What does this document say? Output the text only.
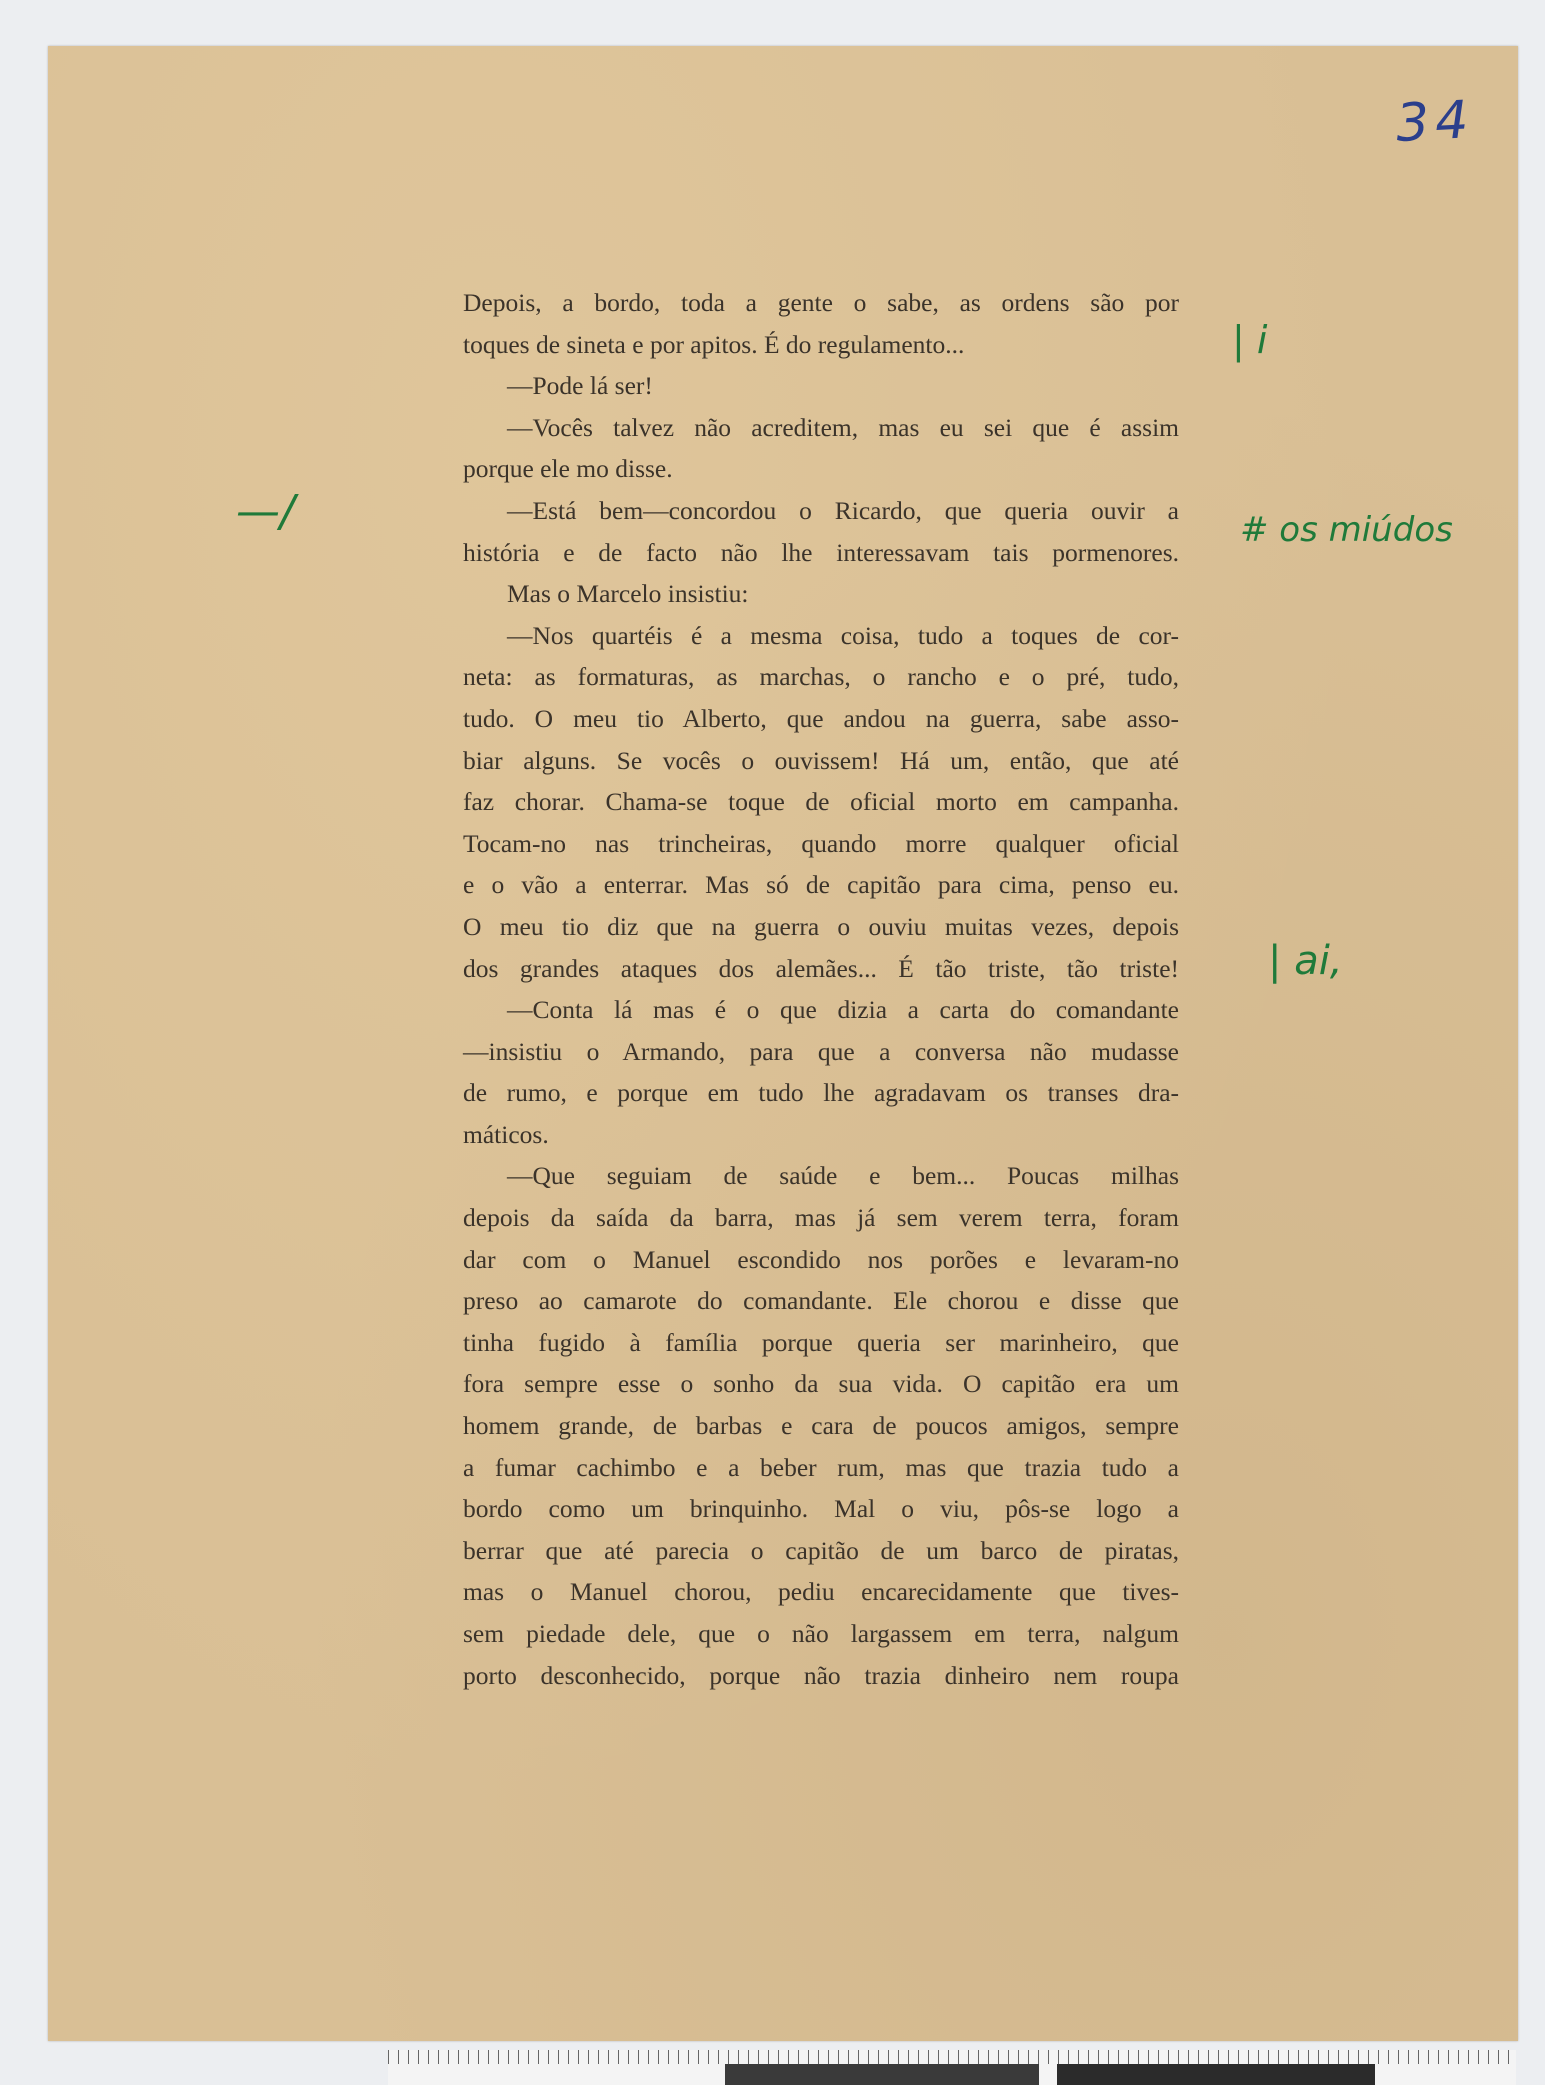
34
Depois, a bordo, toda a gente o sabe, as ordens são por
toques de sineta e por apitos. É do regulamento...
—Pode lá ser!
—Vocês talvez não acreditem, mas eu sei que é assim
porque ele mo disse.
—Está bem—concordou o Ricardo, que queria ouvir a
história e de facto não lhe interessavam tais pormenores.
Mas o Marcelo insistiu:
—Nos quartéis é a mesma coisa, tudo a toques de cor-
neta: as formaturas, as marchas, o rancho e o pré, tudo,
tudo. O meu tio Alberto, que andou na guerra, sabe asso-
biar alguns. Se vocês o ouvissem! Há um, então, que até
faz chorar. Chama-se toque de oficial morto em campanha.
Tocam-no nas trincheiras, quando morre qualquer oficial
e o vão a enterrar. Mas só de capitão para cima, penso eu.
O meu tio diz que na guerra o ouviu muitas vezes, depois
dos grandes ataques dos alemães... É tão triste, tão triste!
—Conta lá mas é o que dizia a carta do comandante
—insistiu o Armando, para que a conversa não mudasse
de rumo, e porque em tudo lhe agradavam os transes dra-
máticos.
—Que seguiam de saúde e bem... Poucas milhas
depois da saída da barra, mas já sem verem terra, foram
dar com o Manuel escondido nos porões e levaram-no
preso ao camarote do comandante. Ele chorou e disse que
tinha fugido à família porque queria ser marinheiro, que
fora sempre esse o sonho da sua vida. O capitão era um
homem grande, de barbas e cara de poucos amigos, sempre
a fumar cachimbo e a beber rum, mas que trazia tudo a
bordo como um brinquinho. Mal o viu, pôs-se logo a
berrar que até parecia o capitão de um barco de piratas,
mas o Manuel chorou, pediu encarecidamente que tives-
sem piedade dele, que o não largassem em terra, nalgum
porto desconhecido, porque não trazia dinheiro nem roupa
| i
—/	# os miúdos
| ai,
